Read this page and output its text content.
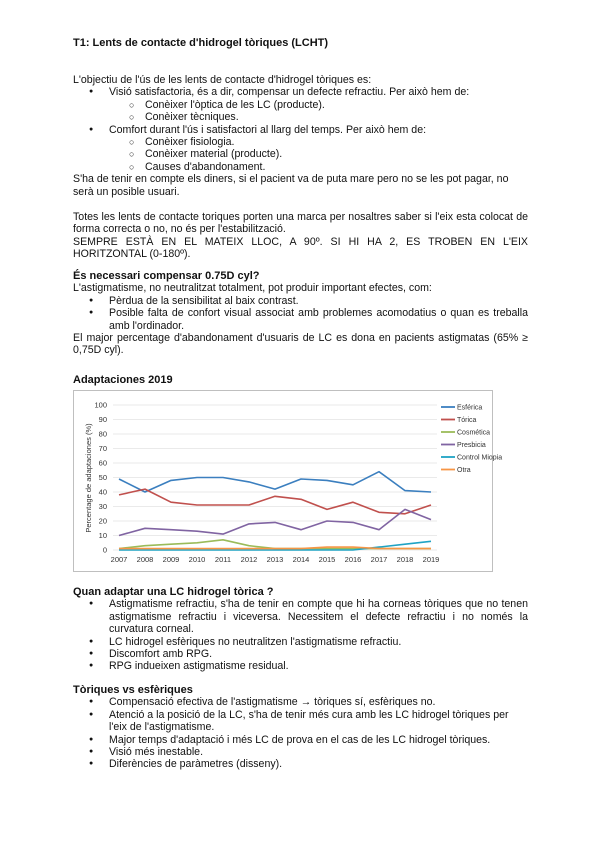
T1: Lents de contacte d'hidrogel tòriques (LCHT)
L'objectiu de l'ús de les lents de contacte d'hidrogel tòriques es:
● Visió satisfactoria, és a dir, compensar un defecte refractiu. Per això hem de:
○ Conèixer l'òptica de les LC (producte).
○ Conèixer tècniques.
● Comfort durant l'ús i satisfactori al llarg del temps. Per això hem de:
○ Conèixer fisiologia.
○ Conèixer material (producte).
○ Causes d'abandonament.
S'ha de tenir en compte els diners, si el pacient va de puta mare pero no se les pot pagar, no serà un posible usuari.
Totes les lents de contacte toriques porten una marca per nosaltres saber si l'eix esta colocat de forma correcta o no, no és per l'estabilització.
SEMPRE ESTÀ EN EL MATEIX LLOC, A 90º. SI HI HA 2, ES TROBEN EN L'EIX HORITZONTAL (0-180º).
És necessari compensar 0.75D cyl?
L'astigmatisme, no neutralitzat totalment, pot produir important efectes, com:
● Pèrdua de la sensibilitat al baix contrast.
● Posible falta de confort visual associat amb problemes acomodatius o quan es treballa amb l'ordinador.
El major percentage d'abandonament d'usuaris de LC es dona en pacients astigmatas (65% ≥ 0,75D cyl).
Adaptaciones 2019
0
10
20
30
40
50
60
70
80
90
100
2007 2008 2009 2010 2011 2012 2013 2014 2015 2016 2017 2018 2019
Esférica
Tórica
Cosmética
Presbicia
Control Miopia
Otra
Percentage de adaptaciones (%)
Quan adaptar una LC hidrogel tòrica ?
● Astigmatisme refractiu, s'ha de tenir en compte que hi ha corneas tòriques que no tenen astigmatisme refractiu i viceversa. Necessitem el defecte refractiu i no només la curvatura corneal.
● LC hidrogel esfèriques no neutralitzen l'astigmatisme refractiu.
● Discomfort amb RPG.
● RPG indueixen astigmatisme residual.
Tòriques vs esfèriques
● Compensació efectiva de l'astigmatisme → tòriques sí, esfèriques no.
● Atenció a la posició de la LC, s'ha de tenir més cura amb les LC hidrogel tòriques per l'eix de l'astigmatisme.
● Major temps d'adaptació i més LC de prova en el cas de les LC hidrogel tòriques.
● Visió més inestable.
● Diferències de paràmetres (disseny).
